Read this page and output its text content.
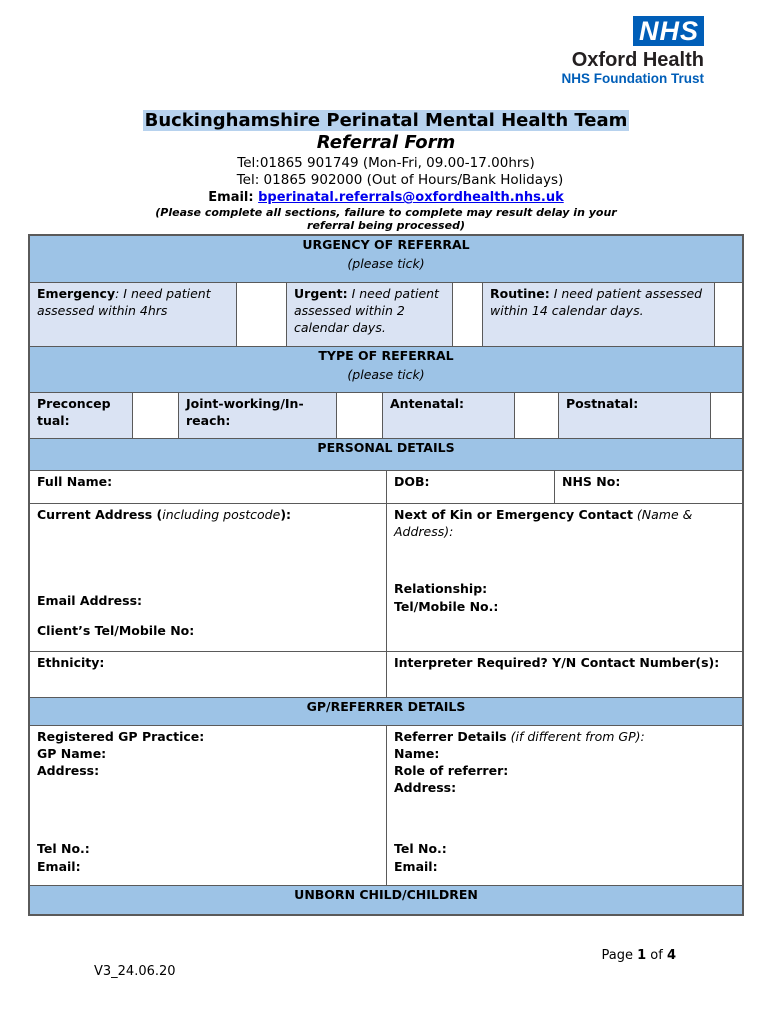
NHS
Oxford Health
NHS Foundation Trust
Buckinghamshire Perinatal Mental Health Team
Referral Form
Tel:01865 901749 (Mon-Fri, 09.00-17.00hrs)
Tel: 01865 902000 (Out of Hours/Bank Holidays)
Email: bperinatal.referrals@oxfordhealth.nhs.uk
(Please complete all sections, failure to complete may result delay in your
referral being processed)
URGENCY OF REFERRAL
(please tick)
Emergency: I need patient assessed within 4hrs
Urgent: I need patient assessed within 2 calendar days.
Routine: I need patient assessed within 14 calendar days.
TYPE OF REFERRAL
(please tick)
Preconcep tual:
Joint-working/In-reach:
Antenatal:	Postnatal:
PERSONAL DETAILS
Full Name:	DOB:	NHS No:
Current Address (including postcode):
Email Address:
Client’s Tel/Mobile No:
Next of Kin or Emergency Contact (Name & Address):
Relationship:
Tel/Mobile No.:
Ethnicity:	Interpreter Required? Y/N Contact Number(s):
GP/REFERRER DETAILS
Registered GP Practice:
GP Name:
Address:
Tel No.:
Email:
Referrer Details (if different from GP):
Name:
Role of referrer:
Address:
Tel No.:
Email:
UNBORN CHILD/CHILDREN
Page 1 of 4
V3_24.06.20
